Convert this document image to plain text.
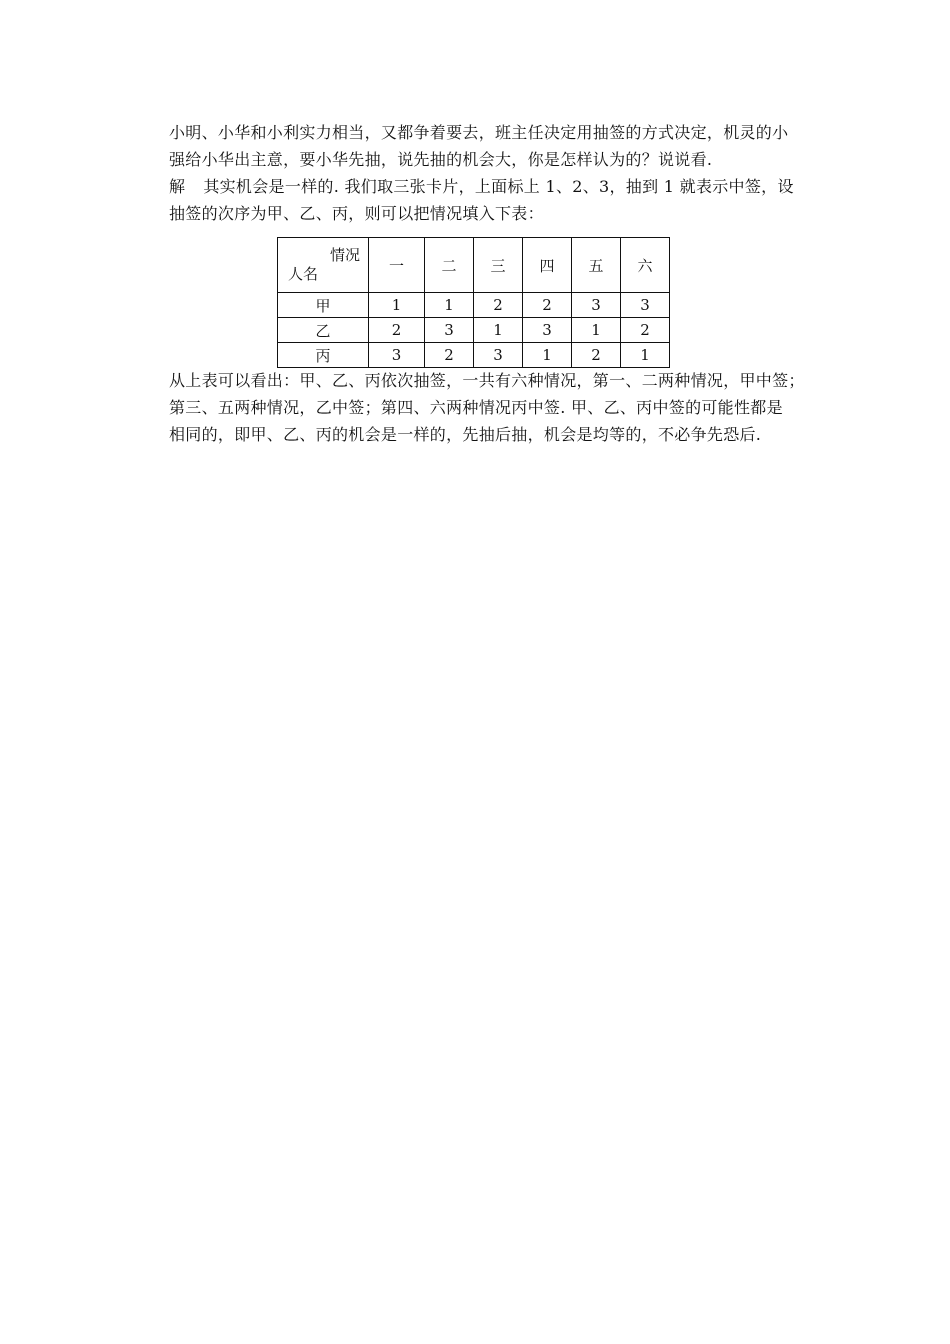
小明、小华和小利实力相当，又都争着要去，班主任决定用抽签的方式决定，机灵的小
强给小华出主意，要小华先抽，说先抽的机会大，你是怎样认为的？说说看.

解 其实机会是一样的. 我们取三张卡片，上面标上 1、2、3，抽到 1 就表示中签，设
抽签的次序为甲、乙、丙，则可以把情况填入下表：

情况
人名	一	二	三	四	五	六
甲	1	1	2	2	3	3
乙	2	3	1	3	1	2
丙	3	2	3	1	2	1

从上表可以看出：甲、乙、丙依次抽签，一共有六种情况，第一、二两种情况，甲中签；
第三、五两种情况，乙中签；第四、六两种情况丙中签. 甲、乙、丙中签的可能性都是
相同的，即甲、乙、丙的机会是一样的，先抽后抽，机会是均等的，不必争先恐后.
